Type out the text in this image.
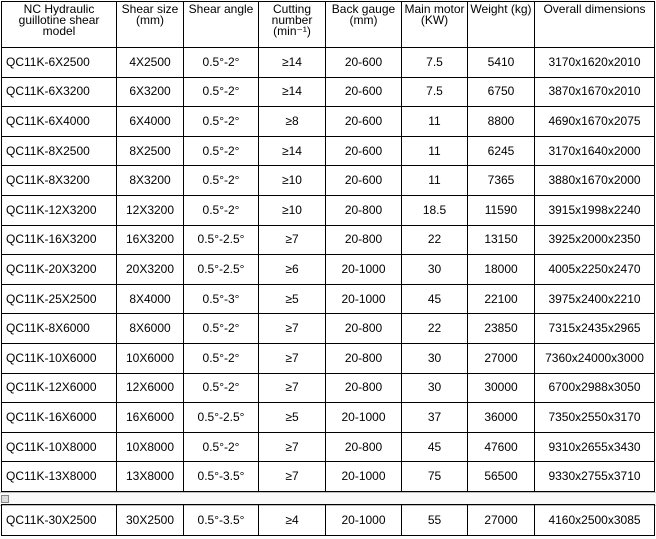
NC Hydraulic guillotine shear model	Shear size (mm)	Shear angle	Cutting number (min⁻¹)	Back gauge (mm)	Main motor (KW)	Weight (kg)	Overall dimensions
QC11K-6X2500	4X2500	0.5°-2°	≥14	20-600	7.5	5410	3170x1620x2010
QC11K-6X3200	6X3200	0.5°-2°	≥14	20-600	7.5	6750	3870x1670x2010
QC11K-6X4000	6X4000	0.5°-2°	≥8	20-600	11	8800	4690x1670x2075
QC11K-8X2500	8X2500	0.5°-2°	≥14	20-600	11	6245	3170x1640x2000
QC11K-8X3200	8X3200	0.5°-2°	≥10	20-600	11	7365	3880x1670x2000
QC11K-12X3200	12X3200	0.5°-2°	≥10	20-800	18.5	11590	3915x1998x2240
QC11K-16X3200	16X3200	0.5°-2.5°	≥7	20-800	22	13150	3925x2000x2350
QC11K-20X3200	20X3200	0.5°-2.5°	≥6	20-1000	30	18000	4005x2250x2470
QC11K-25X2500	8X4000	0.5°-3°	≥5	20-1000	45	22100	3975x2400x2210
QC11K-8X6000	8X6000	0.5°-2°	≥7	20-800	22	23850	7315x2435x2965
QC11K-10X6000	10X6000	0.5°-2°	≥7	20-800	30	27000	7360x24000x3000
QC11K-12X6000	12X6000	0.5°-2°	≥7	20-800	30	30000	6700x2988x3050
QC11K-16X6000	16X6000	0.5°-2.5°	≥5	20-1000	37	36000	7350x2550x3170
QC11K-10X8000	10X8000	0.5°-2°	≥7	20-800	45	47600	9310x2655x3430
QC11K-13X8000	13X8000	0.5°-3.5°	≥7	20-1000	75	56500	9330x2755x3710
QC11K-30X2500	30X2500	0.5°-3.5°	≥4	20-1000	55	27000	4160x2500x3085
